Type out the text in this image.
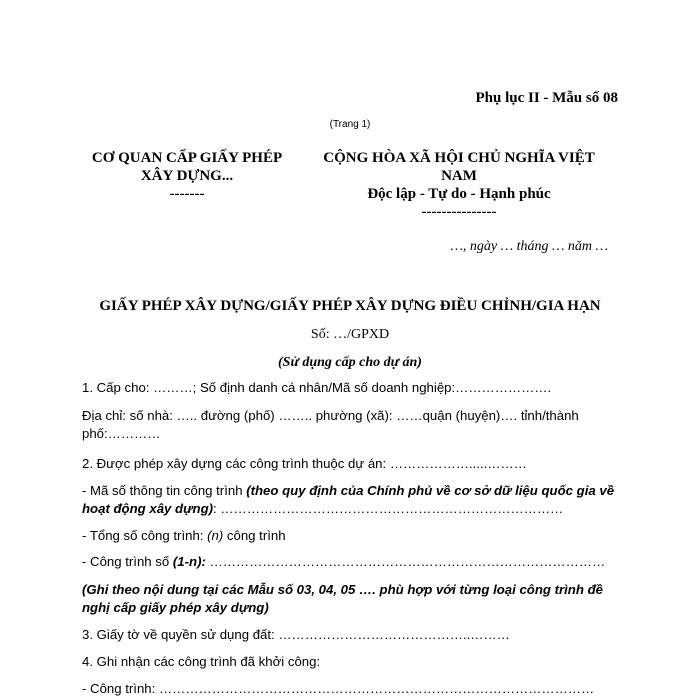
Phụ lục II - Mẫu số 08
(Trang 1)
CƠ QUAN CẤP GIẤY PHÉP
XÂY DỰNG...
-------
CỘNG HÒA XÃ HỘI CHỦ NGHĨA VIỆT
NAM
Độc lập - Tự do - Hạnh phúc
---------------
…, ngày … tháng … năm …
GIẤY PHÉP XÂY DỰNG/GIẤY PHÉP XÂY DỰNG ĐIỀU CHỈNH/GIA HẠN
Số: …/GPXD
(Sử dụng cấp cho dự án)
1. Cấp cho: ………; Số định danh cá nhân/Mã số doanh nghiệp:………………….
Địa chỉ: số nhà: ….. đường (phố) …….. phường (xã): ……quận (huyện)…. tỉnh/thành phố:…………
2. Được phép xây dựng các công trình thuộc dự án: ……………….....………
- Mã số thông tin công trình (theo quy định của Chính phủ về cơ sở dữ liệu quốc gia về hoạt động xây dựng): ……………………………………………………………………
- Tổng số công trình: (n) công trình
- Công trình số (1-n): ………………………………………………………………………………
(Ghi theo nội dung tại các Mẫu số 03, 04, 05 …. phù hợp với từng loại công trình đề nghị cấp giấy phép xây dựng)
3. Giấy tờ về quyền sử dụng đất: ……………………………………..………
4. Ghi nhận các công trình đã khởi công:
- Công trình: ………………………………………………………………………………………
